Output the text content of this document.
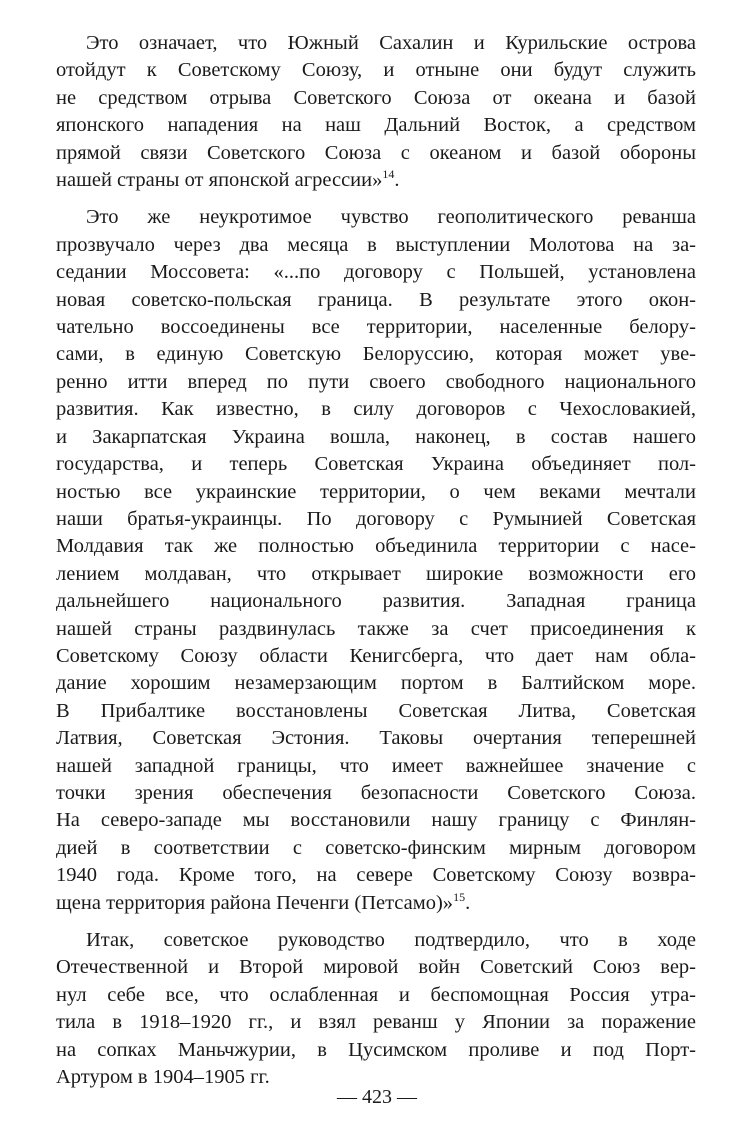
Это означает, что Южный Сахалин и Курильские острова
отойдут к Советскому Союзу, и отныне они будут служить
не средством отрыва Советского Союза от океана и базой
японского нападения на наш Дальний Восток, а средством
прямой связи Советского Союза с океаном и базой обороны
нашей страны от японской агрессии»$^{14}$.

Это же неукротимое чувство геополитического реванша
прозвучало через два месяца в выступлении Молотова на за-
седании Моссовета: «...по договору с Польшей, установлена
новая советско-польская граница. В результате этого окон-
чательно воссоединены все территории, населенные белору-
сами, в единую Советскую Белоруссию, которая может уве-
ренно итти вперед по пути своего свободного национального
развития. Как известно, в силу договоров с Чехословакией,
и Закарпатская Украина вошла, наконец, в состав нашего
государства, и теперь Советская Украина объединяет пол-
ностью все украинские территории, о чем веками мечтали
наши братья-украинцы. По договору с Румынией Советская
Молдавия так же полностью объединила территории с насе-
лением молдаван, что открывает широкие возможности его
дальнейшего национального развития. Западная граница
нашей страны раздвинулась также за счет присоединения к
Советскому Союзу области Кенигсберга, что дает нам обла-
дание хорошим незамерзающим портом в Балтийском море.
В Прибалтике восстановлены Советская Литва, Советская
Латвия, Советская Эстония. Таковы очертания теперешней
нашей западной границы, что имеет важнейшее значение с
точки зрения обеспечения безопасности Советского Союза.
На северо-западе мы восстановили нашу границу с Финлян-
дией в соответствии с советско-финским мирным договором
1940 года. Кроме того, на севере Советскому Союзу возвра-
щена территория района Печенги (Петсамо)»$^{15}$.

Итак, советское руководство подтвердило, что в ходе
Отечественной и Второй мировой войн Советский Союз вер-
нул себе все, что ослабленная и беспомощная Россия утра-
тила в 1918–1920 гг., и взял реванш у Японии за поражение
на сопках Маньчжурии, в Цусимском проливе и под Порт-
Артуром в 1904–1905 гг.

— 423 —
